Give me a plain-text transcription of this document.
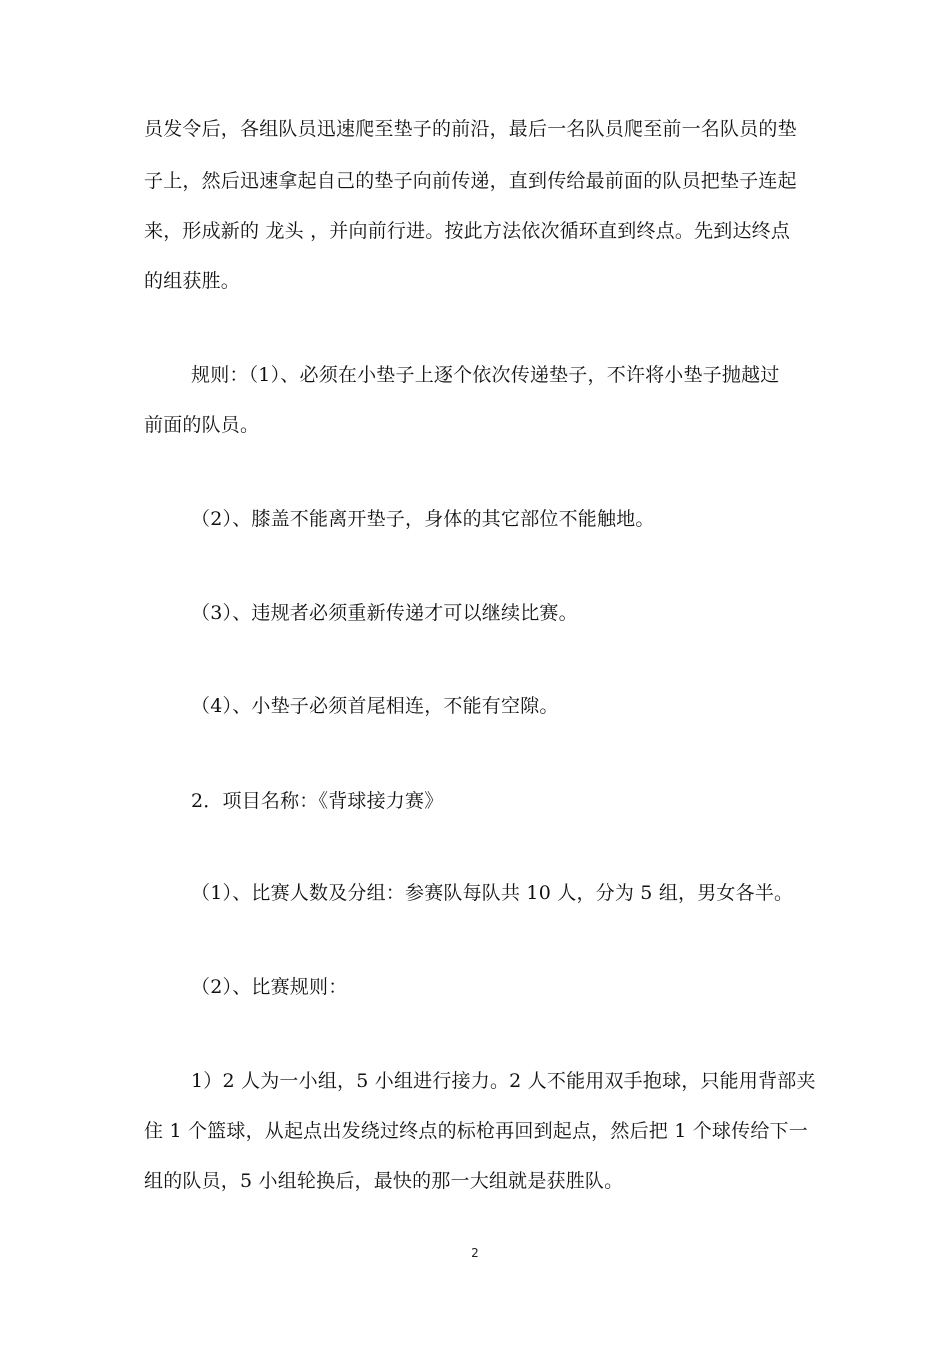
员发令后，各组队员迅速爬至垫子的前沿，最后一名队员爬至前一名队员的垫
子上，然后迅速拿起自己的垫子向前传递，直到传给最前面的队员把垫子连起
来，形成新的 龙头 ，并向前行进。按此方法依次循环直到终点。先到达终点
的组获胜。
规则：（1）、必须在小垫子上逐个依次传递垫子，不许将小垫子抛越过
前面的队员。
（2）、膝盖不能离开垫子，身体的其它部位不能触地。
（3）、违规者必须重新传递才可以继续比赛。
（4）、小垫子必须首尾相连，不能有空隙。
2．项目名称：《背球接力赛》
（1）、比赛人数及分组：参赛队每队共 10 人，分为 5 组，男女各半。
（2）、比赛规则：
1）2 人为一小组，5 小组进行接力。2 人不能用双手抱球，只能用背部夹
住 1 个篮球，从起点出发绕过终点的标枪再回到起点，然后把 1 个球传给下一
组的队员，5 小组轮换后，最快的那一大组就是获胜队。
2
